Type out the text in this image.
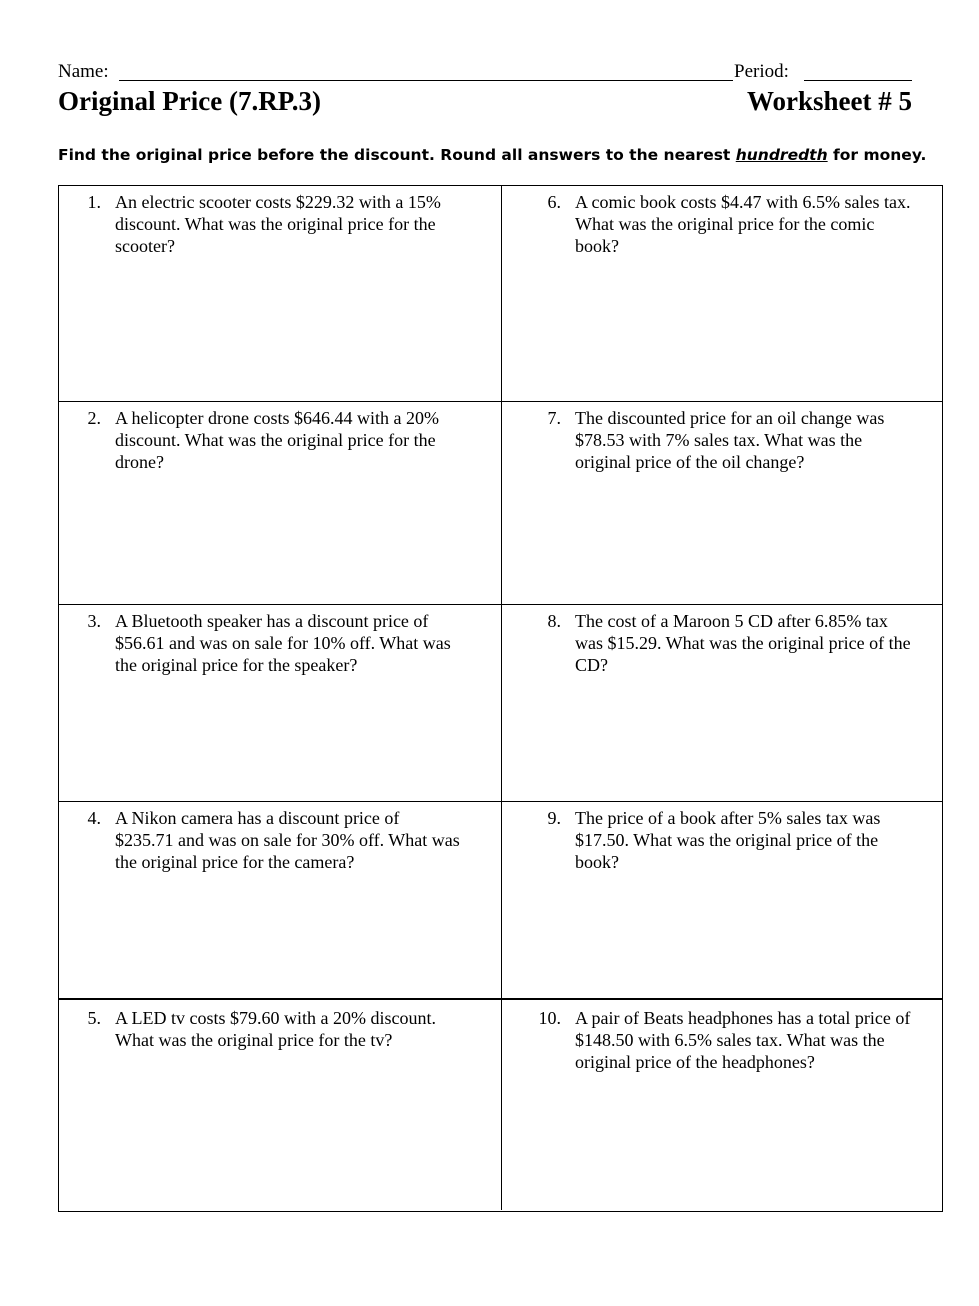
Name:	Period:
Original Price (7.RP.3)	Worksheet # 5
Find the original price before the discount. Round all answers to the nearest hundredth for money.
1. An electric scooter costs $229.32 with a 15% discount. What was the original price for the scooter?
2. A helicopter drone costs $646.44 with a 20% discount. What was the original price for the drone?
3. A Bluetooth speaker has a discount price of $56.61 and was on sale for 10% off. What was the original price for the speaker?
4. A Nikon camera has a discount price of $235.71 and was on sale for 30% off. What was the original price for the camera?
5. A LED tv costs $79.60 with a 20% discount. What was the original price for the tv?
6. A comic book costs $4.47 with 6.5% sales tax. What was the original price for the comic book?
7. The discounted price for an oil change was $78.53 with 7% sales tax. What was the original price of the oil change?
8. The cost of a Maroon 5 CD after 6.85% tax was $15.29. What was the original price of the CD?
9. The price of a book after 5% sales tax was $17.50. What was the original price of the book?
10. A pair of Beats headphones has a total price of $148.50 with 6.5% sales tax. What was the original price of the headphones?
